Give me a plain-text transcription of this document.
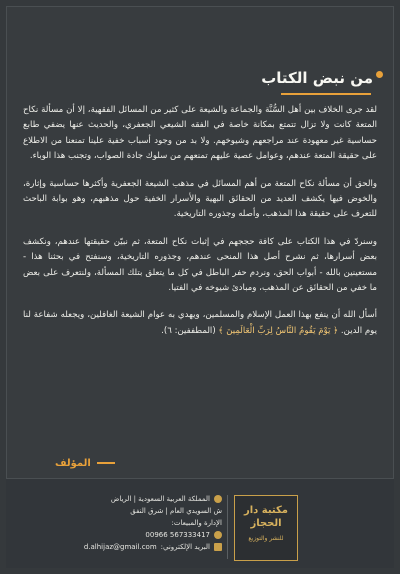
من نبض الكتاب

لقد جرى الخلاف بين أهل السُّنَّة والجماعة والشيعة على كثير من المسائل الفقهية، إلا أن مسألة نكاح المتعة كانت ولا تزال تتمتع بمكانة خاصة في الفقه الشيعي الجعفري، والحديث عنها يضفي طابع حساسية غير معهودة عند مراجعهم وشيوخهم. ولا بد من وجود أسباب خفية علينا تمنعنا من الاطلاع على حقيقة المتعة عندهم، وعوامل عصية عليهم تمنعهم من سلوك جادة الصواب، وتجنب هذا الوباء.

والحق أن مسألة نكاح المتعة من أهم المسائل في مذهب الشيعة الجعفرية وأكثرها حساسية وإثارة، والخوض فيها يكشف العديد من الحقائق البهية والأسرار الخفية حول مذهبهم، وهو بوابة الباحث للتعرف على حقيقة هذا المذهب، وأصله وجذوره التاريخية.

وسنردّ في هذا الكتاب على كافة حججهم في إثبات نكاح المتعة، ثم نبيّن حقيقتها عندهم، ونكشف بعض أسرارها، ثم نشرح أصل هذا المنحى عندهم، وجذوره التاريخية، وسنفتح في بحثنا هذا - مستعينين بالله - أبواب الحق، ونردم حفر الباطل في كل ما يتعلق بتلك المسألة، ولنتعرف على بعض ما خفي من الحقائق عن المذهب، ومبادئ شيوخه في الفتيا.

أسأل الله أن ينفع بهذا العمل الإسلام والمسلمين، ويهدي به عوام الشيعة الغافلين، ويجعله شفاعة لنا يوم الدين. ﴿ يَوْمَ يَقُومُ النَّاسُ لِرَبِّ الْعَالَمِينَ ﴾ (المطففين: ٦).

المؤلف
مكتبة دار
الحجاز
للنشر والتوزيع
المملكة العربية السعودية | الرياض
ش السويدي العام | شرق النفق
الإدارة والمبيعات:
00966 567333417
البريد الإلكتروني:
d.alhijaz@gmail.com
